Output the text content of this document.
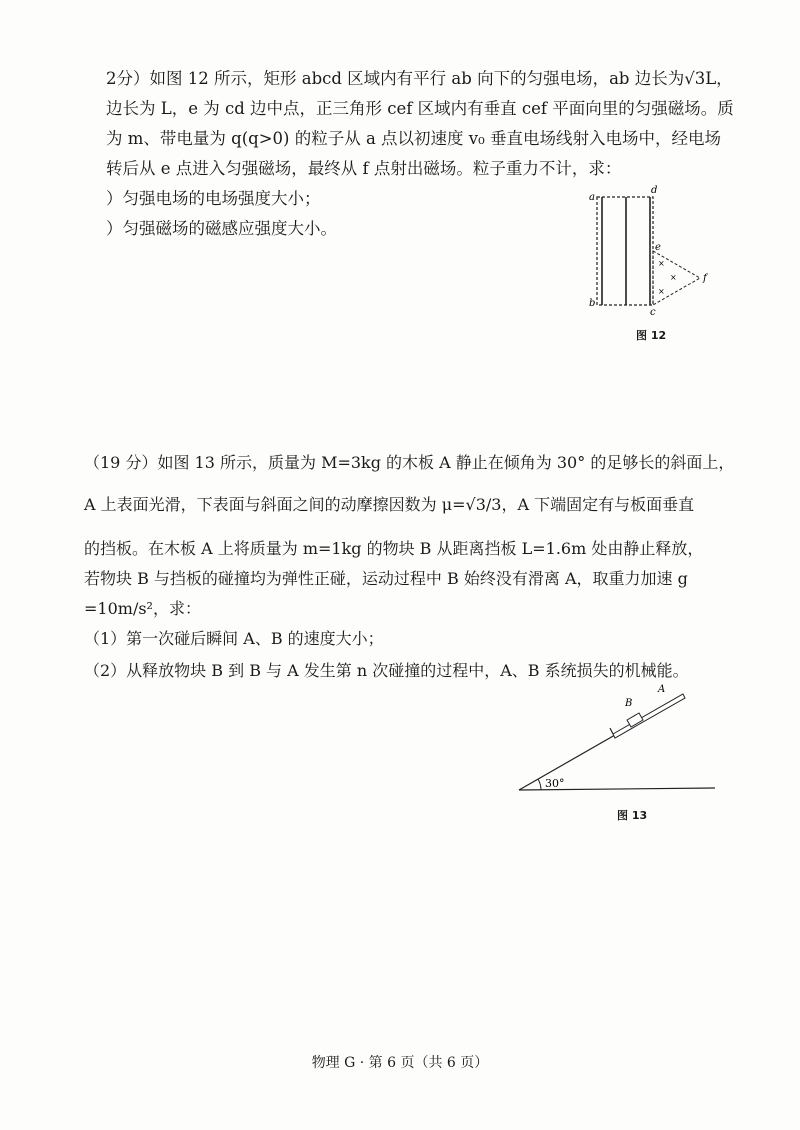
2分）如图 12 所示，矩形 abcd 区域内有平行 ab 向下的匀强电场，ab 边长为√3L，
边长为 L，e 为 cd 边中点，正三角形 cef 区域内有垂直 cef 平面向里的匀强磁场。质
为 m、带电量为 q(q>0) 的粒子从 a 点以初速度 v₀ 垂直电场线射入电场中，经电场
转后从 e 点进入匀强磁场，最终从 f 点射出磁场。粒子重力不计，求：
）匀强电场的电场强度大小；
）匀强磁场的磁感应强度大小。
×
×
×
a
d
b
c
e
f
图 12
（19 分）如图 13 所示，质量为 M=3kg 的木板 A 静止在倾角为 30° 的足够长的斜面上，
A 上表面光滑，下表面与斜面之间的动摩擦因数为 μ=√3/3，A 下端固定有与板面垂直
的挡板。在木板 A 上将质量为 m=1kg 的物块 B 从距离挡板 L=1.6m 处由静止释放，
若物块 B 与挡板的碰撞均为弹性正碰，运动过程中 B 始终没有滑离 A，取重力加速 g
=10m/s²，求：
（1）第一次碰后瞬间 A、B 的速度大小；
（2）从释放物块 B 到 B 与 A 发生第 n 次碰撞的过程中，A、B 系统损失的机械能。
30°
B
A
图 13
物理 G · 第 6 页（共 6 页）
